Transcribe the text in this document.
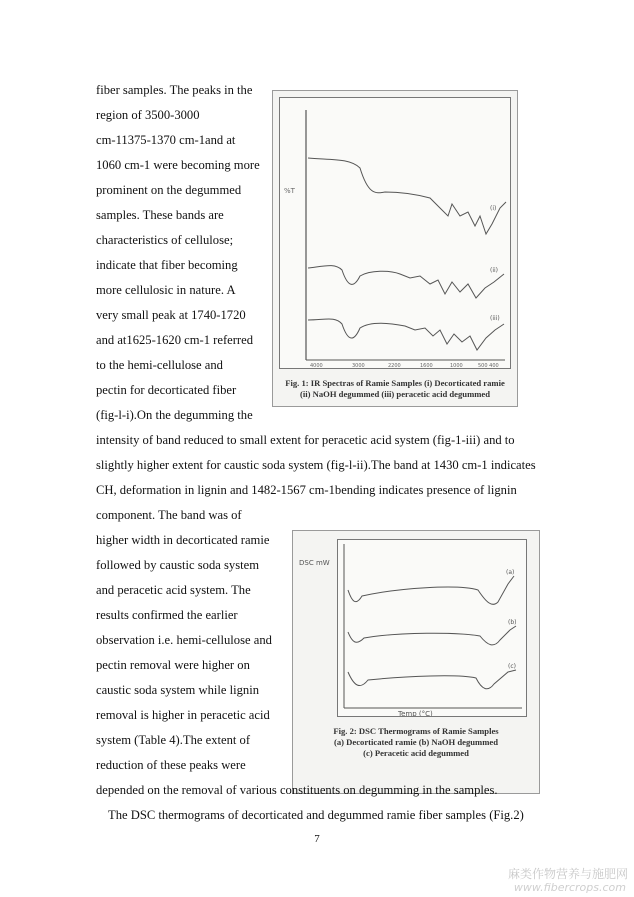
fiber samples. The peaks in the
region of 3500-3000
cm-11375-1370 cm-1and at
1060 cm-1 were becoming more
prominent on the degummed
samples. These bands are
characteristics of cellulose;
indicate that fiber becoming
more cellulosic in nature. A
very small peak at 1740-1720
and at1625-1620 cm-1 referred
to the hemi-cellulose and
pectin for decorticated fiber
(fig-l-i).On the degumming the
%T
(i)
(ii)
(iii)
4000	3000	2200	1600	1000	500 400
Fig. 1: IR Spectras of Ramie Samples (i) Decorticated ramie
(ii) NaOH degummed (iii) peracetic acid degummed
intensity of band reduced to small extent for peracetic acid system (fig-1-iii) and to
slightly higher extent for caustic soda system (fig-l-ii).The band at 1430 cm-1 indicates
CH, deformation in lignin and 1482-1567 cm-1bending indicates presence of lignin
component. The band was of
higher width in decorticated ramie
followed by caustic soda system
and peracetic acid system. The
results confirmed the earlier
observation i.e. hemi-cellulose and
pectin removal were higher on
caustic soda system while lignin
removal is higher in peracetic acid
system (Table 4).The extent of
reduction of these peaks were
(a)
(b)
(c)
Temp (°C)
DSC mW
Fig. 2: DSC Thermograms of Ramie Samples
(a) Decorticated ramie (b) NaOH degummed
(c) Peracetic acid degummed
depended on the removal of various constituents on degumming in the samples.
The DSC thermograms of decorticated and degummed ramie fiber samples (Fig.2)
7
麻类作物营养与施肥网
www.fibercrops.com
